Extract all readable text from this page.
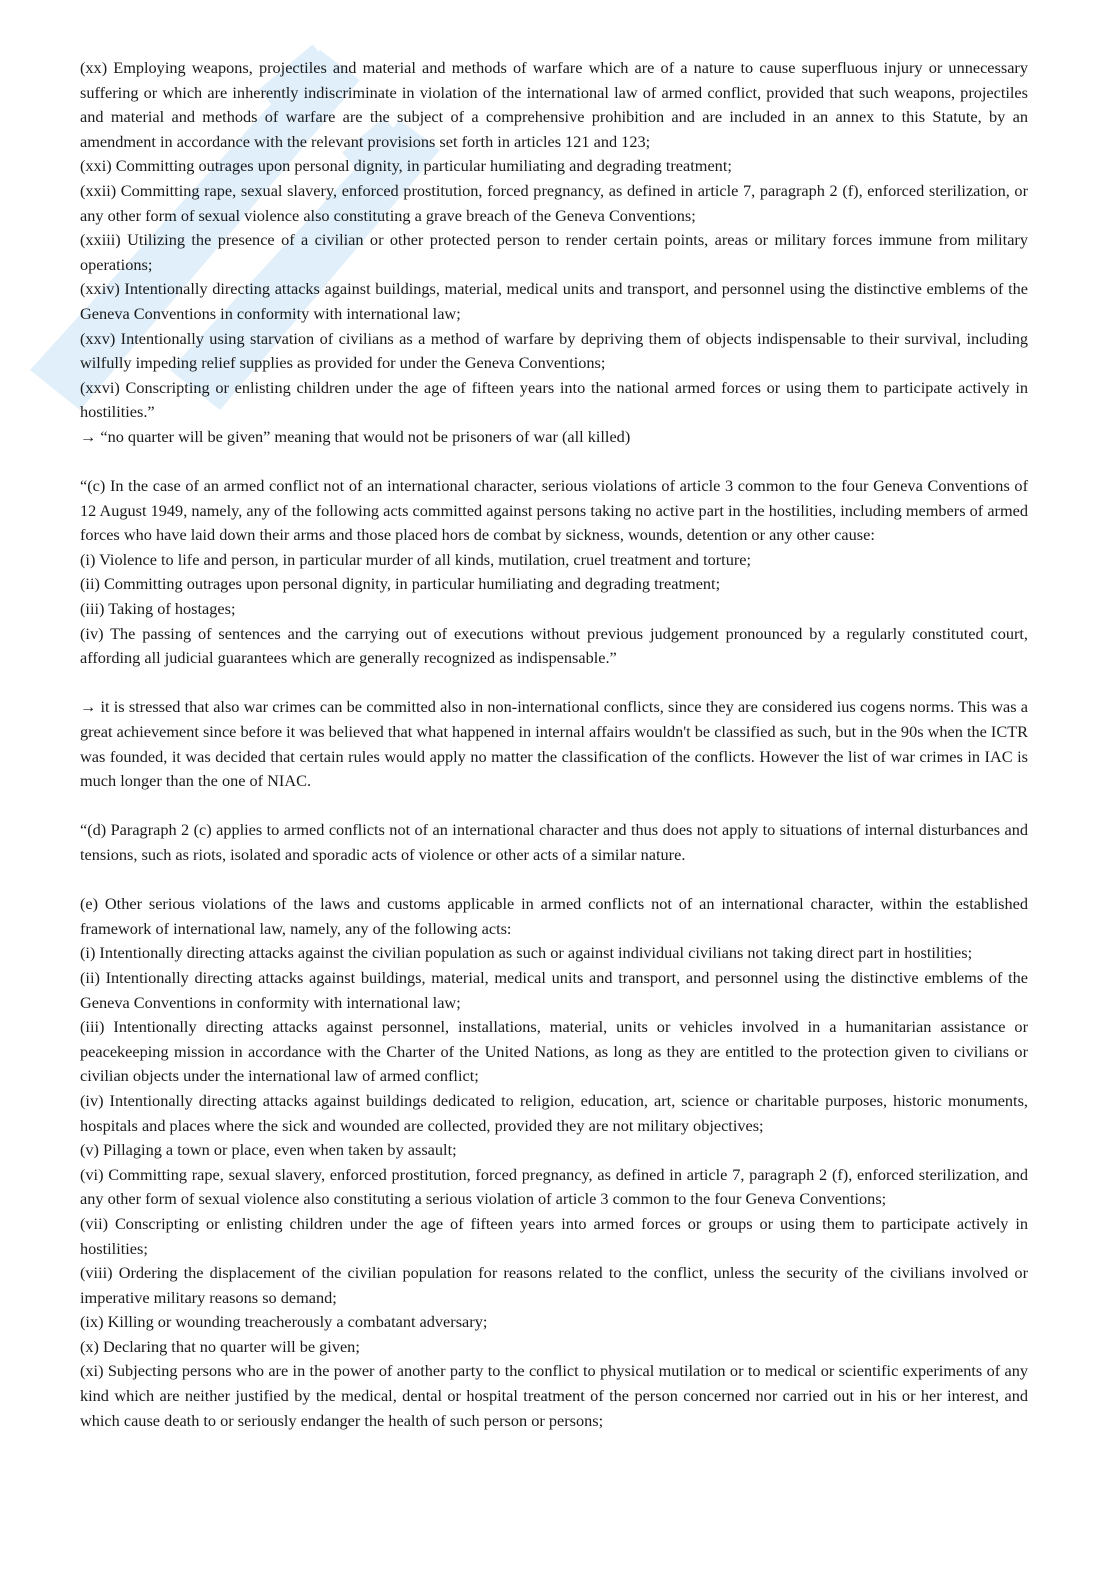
(xx) Employing weapons, projectiles and material and methods of warfare which are of a nature to cause superfluous injury or unnecessary suffering or which are inherently indiscriminate in violation of the international law of armed conflict, provided that such weapons, projectiles and material and methods of warfare are the subject of a comprehensive prohibition and are included in an annex to this Statute, by an amendment in accordance with the relevant provisions set forth in articles 121 and 123;

(xxi) Committing outrages upon personal dignity, in particular humiliating and degrading treatment;

(xxii) Committing rape, sexual slavery, enforced prostitution, forced pregnancy, as defined in article 7, paragraph 2 (f), enforced sterilization, or any other form of sexual violence also constituting a grave breach of the Geneva Conventions;

(xxiii) Utilizing the presence of a civilian or other protected person to render certain points, areas or military forces immune from military operations;

(xxiv) Intentionally directing attacks against buildings, material, medical units and transport, and personnel using the distinctive emblems of the Geneva Conventions in conformity with international law;

(xxv) Intentionally using starvation of civilians as a method of warfare by depriving them of objects indispensable to their survival, including wilfully impeding relief supplies as provided for under the Geneva Conventions;

(xxvi) Conscripting or enlisting children under the age of fifteen years into the national armed forces or using them to participate actively in hostilities.”

→ “no quarter will be given” meaning that would not be prisoners of war (all killed)

“(c) In the case of an armed conflict not of an international character, serious violations of article 3 common to the four Geneva Conventions of 12 August 1949, namely, any of the following acts committed against persons taking no active part in the hostilities, including members of armed forces who have laid down their arms and those placed hors de combat by sickness, wounds, detention or any other cause:

(i) Violence to life and person, in particular murder of all kinds, mutilation, cruel treatment and torture;

(ii) Committing outrages upon personal dignity, in particular humiliating and degrading treatment;

(iii) Taking of hostages;

(iv) The passing of sentences and the carrying out of executions without previous judgement pronounced by a regularly constituted court, affording all judicial guarantees which are generally recognized as indispensable.”

→ it is stressed that also war crimes can be committed also in non-international conflicts, since they are considered ius cogens norms. This was a great achievement since before it was believed that what happened in internal affairs wouldn't be classified as such, but in the 90s when the ICTR was founded, it was decided that certain rules would apply no matter the classification of the conflicts. However the list of war crimes in IAC is much longer than the one of NIAC.

“(d) Paragraph 2 (c) applies to armed conflicts not of an international character and thus does not apply to situations of internal disturbances and tensions, such as riots, isolated and sporadic acts of violence or other acts of a similar nature.

(e) Other serious violations of the laws and customs applicable in armed conflicts not of an international character, within the established framework of international law, namely, any of the following acts:

(i) Intentionally directing attacks against the civilian population as such or against individual civilians not taking direct part in hostilities;

(ii) Intentionally directing attacks against buildings, material, medical units and transport, and personnel using the distinctive emblems of the Geneva Conventions in conformity with international law;

(iii) Intentionally directing attacks against personnel, installations, material, units or vehicles involved in a humanitarian assistance or peacekeeping mission in accordance with the Charter of the United Nations, as long as they are entitled to the protection given to civilians or civilian objects under the international law of armed conflict;

(iv) Intentionally directing attacks against buildings dedicated to religion, education, art, science or charitable purposes, historic monuments, hospitals and places where the sick and wounded are collected, provided they are not military objectives;

(v) Pillaging a town or place, even when taken by assault;

(vi) Committing rape, sexual slavery, enforced prostitution, forced pregnancy, as defined in article 7, paragraph 2 (f), enforced sterilization, and any other form of sexual violence also constituting a serious violation of article 3 common to the four Geneva Conventions;

(vii) Conscripting or enlisting children under the age of fifteen years into armed forces or groups or using them to participate actively in hostilities;

(viii) Ordering the displacement of the civilian population for reasons related to the conflict, unless the security of the civilians involved or imperative military reasons so demand;

(ix) Killing or wounding treacherously a combatant adversary;

(x) Declaring that no quarter will be given;

(xi) Subjecting persons who are in the power of another party to the conflict to physical mutilation or to medical or scientific experiments of any kind which are neither justified by the medical, dental or hospital treatment of the person concerned nor carried out in his or her interest, and which cause death to or seriously endanger the health of such person or persons;
